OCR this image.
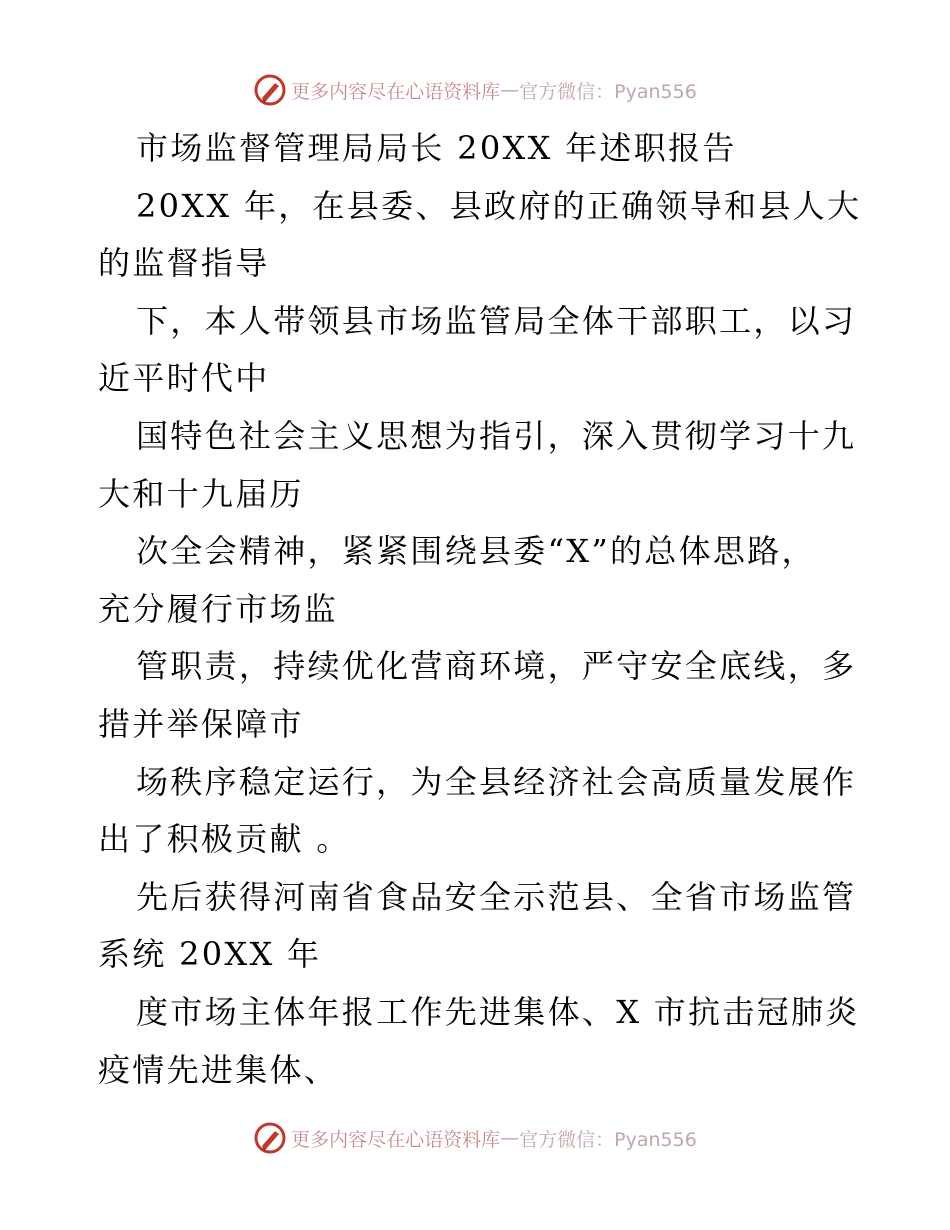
更多内容尽在心语资料库 — 官方微信：Pyan556
市场监督管理局局长 20XX 年述职报告
20XX 年，在县委、县政府的正确领导和县人大
的监督指导
下，本人带领县市场监管局全体干部职工，以习
近平时代中
国特色社会主义思想为指引，深入贯彻学习十九
大和十九届历
次全会精神，紧紧围绕县委“X”的总体思路，
充分履行市场监
管职责，持续优化营商环境，严守安全底线，多
措并举保障市
场秩序稳定运行，为全县经济社会高质量发展作
出了积极贡献 。
先后获得河南省食品安全示范县、全省市场监管
系统 20XX 年
度市场主体年报工作先进集体、X 市抗击冠肺炎
疫情先进集体、
更多内容尽在心语资料库 — 官方微信：Pyan556
